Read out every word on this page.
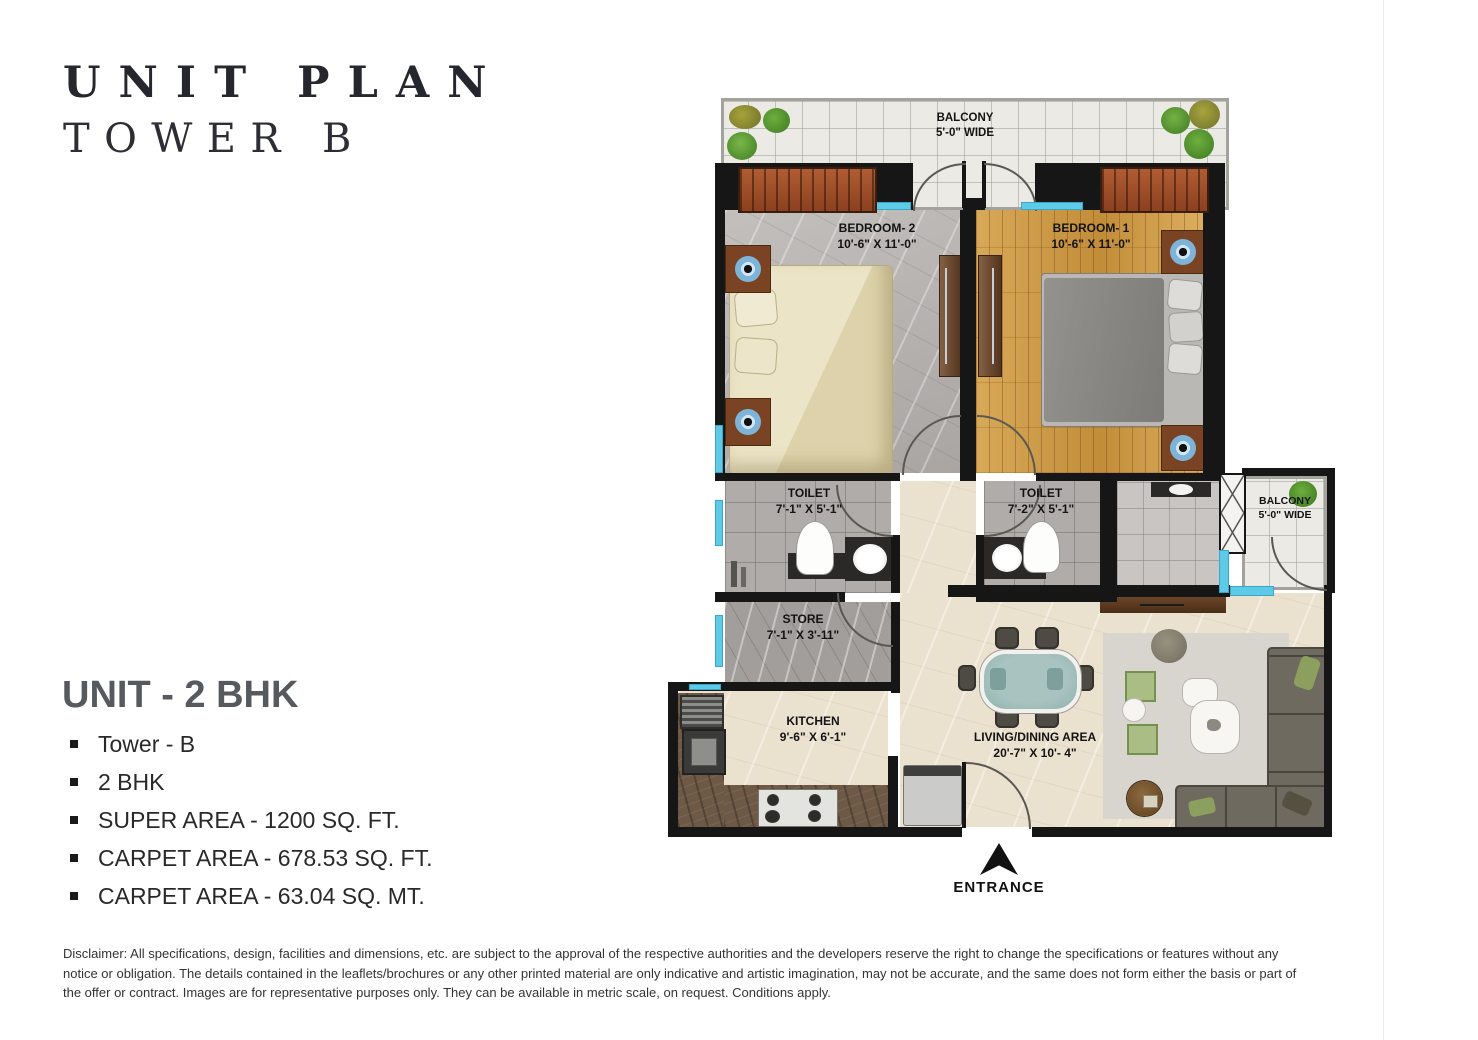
UNIT PLAN
TOWER B
UNIT - 2 BHK
Tower - B
2 BHK
SUPER AREA - 1200 SQ. FT.
CARPET AREA - 678.53 SQ. FT.
CARPET AREA - 63.04 SQ. MT.
Disclaimer: All specifications, design, facilities and dimensions, etc. are subject to the approval of the respective authorities and the developers reserve the right to change the specifications or features without any notice or obligation. The details contained in the leaflets/brochures or any other printed material are only indicative and artistic imagination, may not be accurate, and the same does not form either the basis or part of the offer or contract. Images are for representative purposes only. They can be available in metric scale, on request. Conditions apply.
BALCONY
5'-0" WIDE
BEDROOM- 2
10'-6" X 11'-0"
BEDROOM- 1
10'-6" X 11'-0"
TOILET
7'-1" X 5'-1"
TOILET
7'-2" X 5'-1"
BALCONY
5'-0" WIDE
STORE
7'-1" X 3'-11"
KITCHEN
9'-6" X 6'-1"	LIVING/DINING AREA
20'-7" X 10'- 4"
ENTRANCE
